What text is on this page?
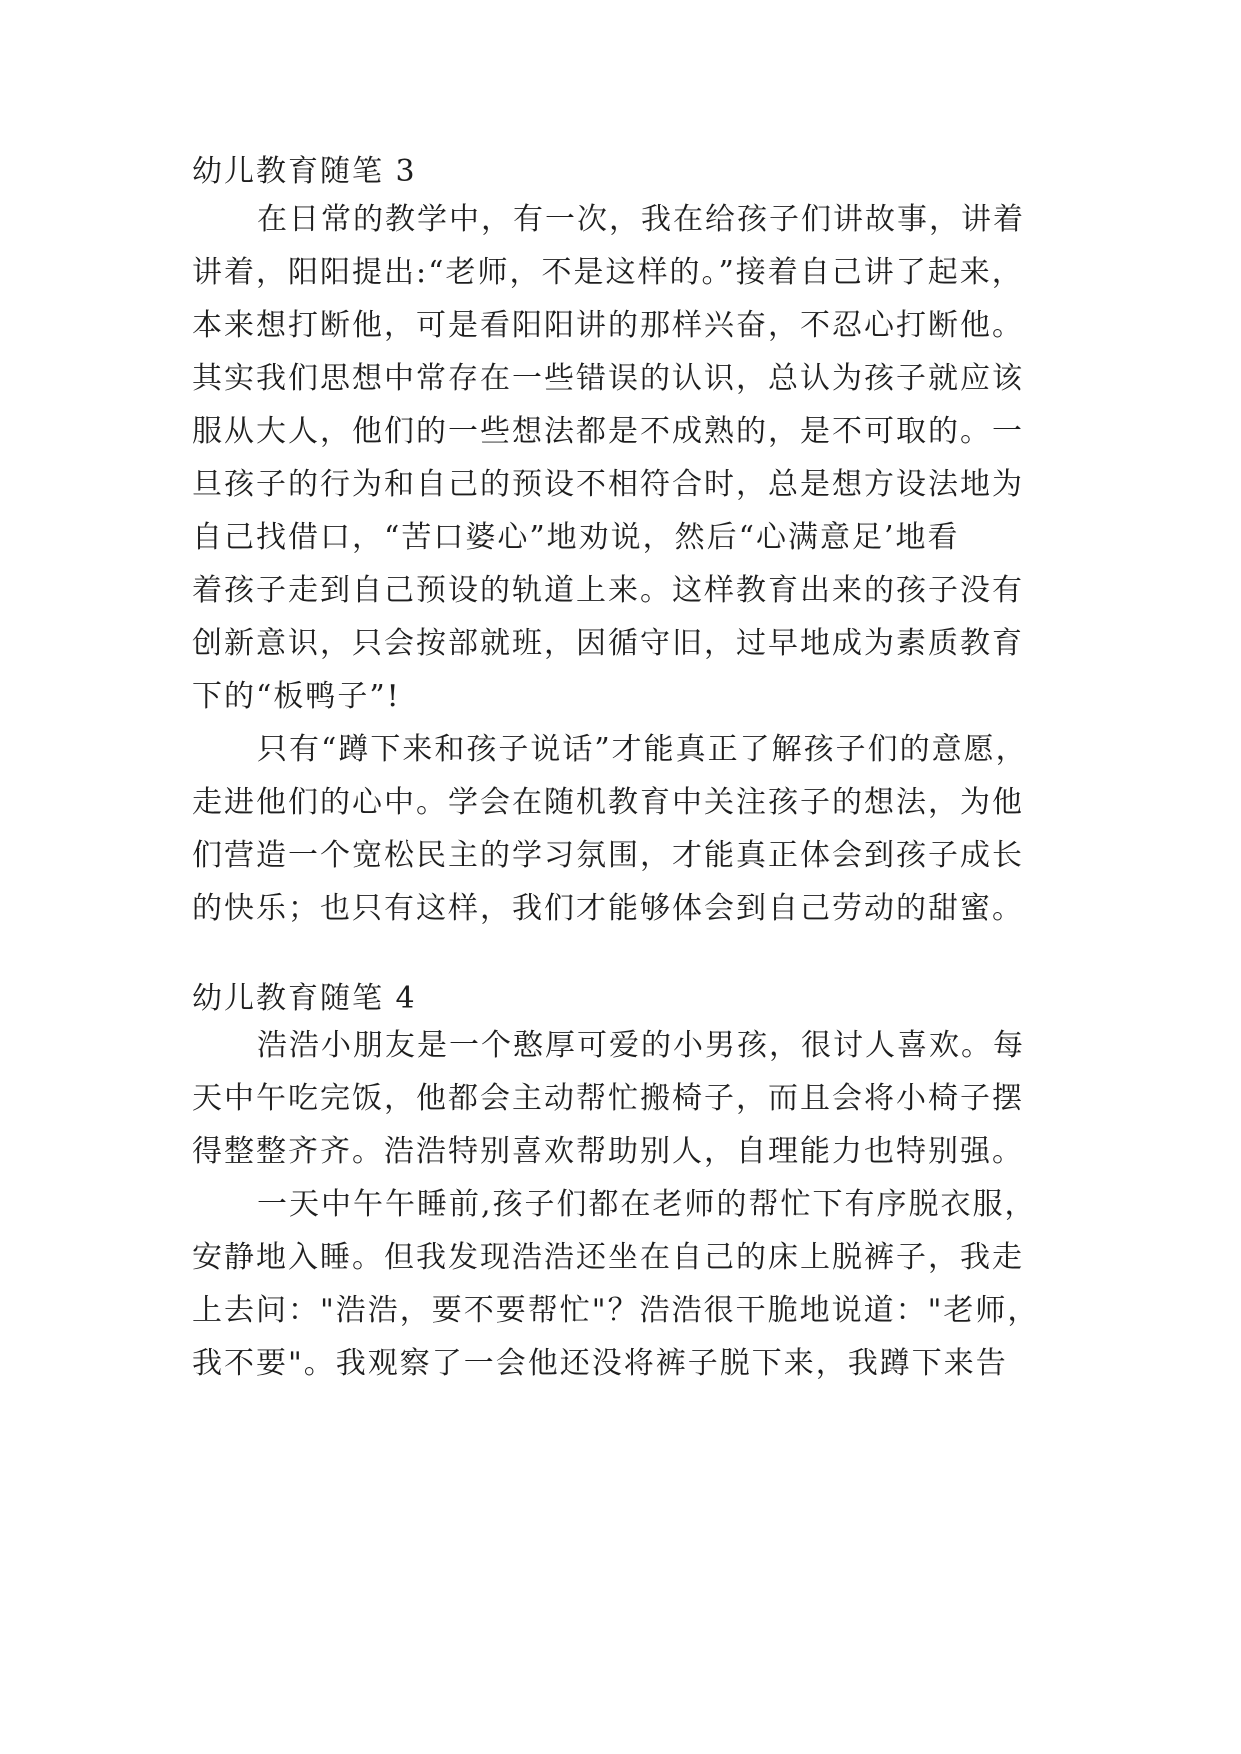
幼儿教育随笔 3
在日常的教学中，有一次，我在给孩子们讲故事，讲着
讲着，阳阳提出:“老师，不是这样的。”接着自己讲了起来，
本来想打断他，可是看阳阳讲的那样兴奋，不忍心打断他。
其实我们思想中常存在一些错误的认识，总认为孩子就应该
服从大人，他们的一些想法都是不成熟的，是不可取的。一
旦孩子的行为和自己的预设不相符合时，总是想方设法地为
自己找借口，“苦口婆心”地劝说，然后“心满意足’地看
着孩子走到自己预设的轨道上来。这样教育出来的孩子没有
创新意识，只会按部就班，因循守旧，过早地成为素质教育
下的“板鸭子”!
只有“蹲下来和孩子说话”才能真正了解孩子们的意愿，
走进他们的心中。学会在随机教育中关注孩子的想法，为他
们营造一个宽松民主的学习氛围，才能真正体会到孩子成长
的快乐；也只有这样，我们才能够体会到自己劳动的甜蜜。
幼儿教育随笔 4
浩浩小朋友是一个憨厚可爱的小男孩，很讨人喜欢。每
天中午吃完饭，他都会主动帮忙搬椅子，而且会将小椅子摆
得整整齐齐。浩浩特别喜欢帮助别人，自理能力也特别强。
一天中午午睡前,孩子们都在老师的帮忙下有序脱衣服，
安静地入睡。但我发现浩浩还坐在自己的床上脱裤子，我走
上去问："浩浩，要不要帮忙"？浩浩很干脆地说道："老师，
我不要"。我观察了一会他还没将裤子脱下来，我蹲下来告
